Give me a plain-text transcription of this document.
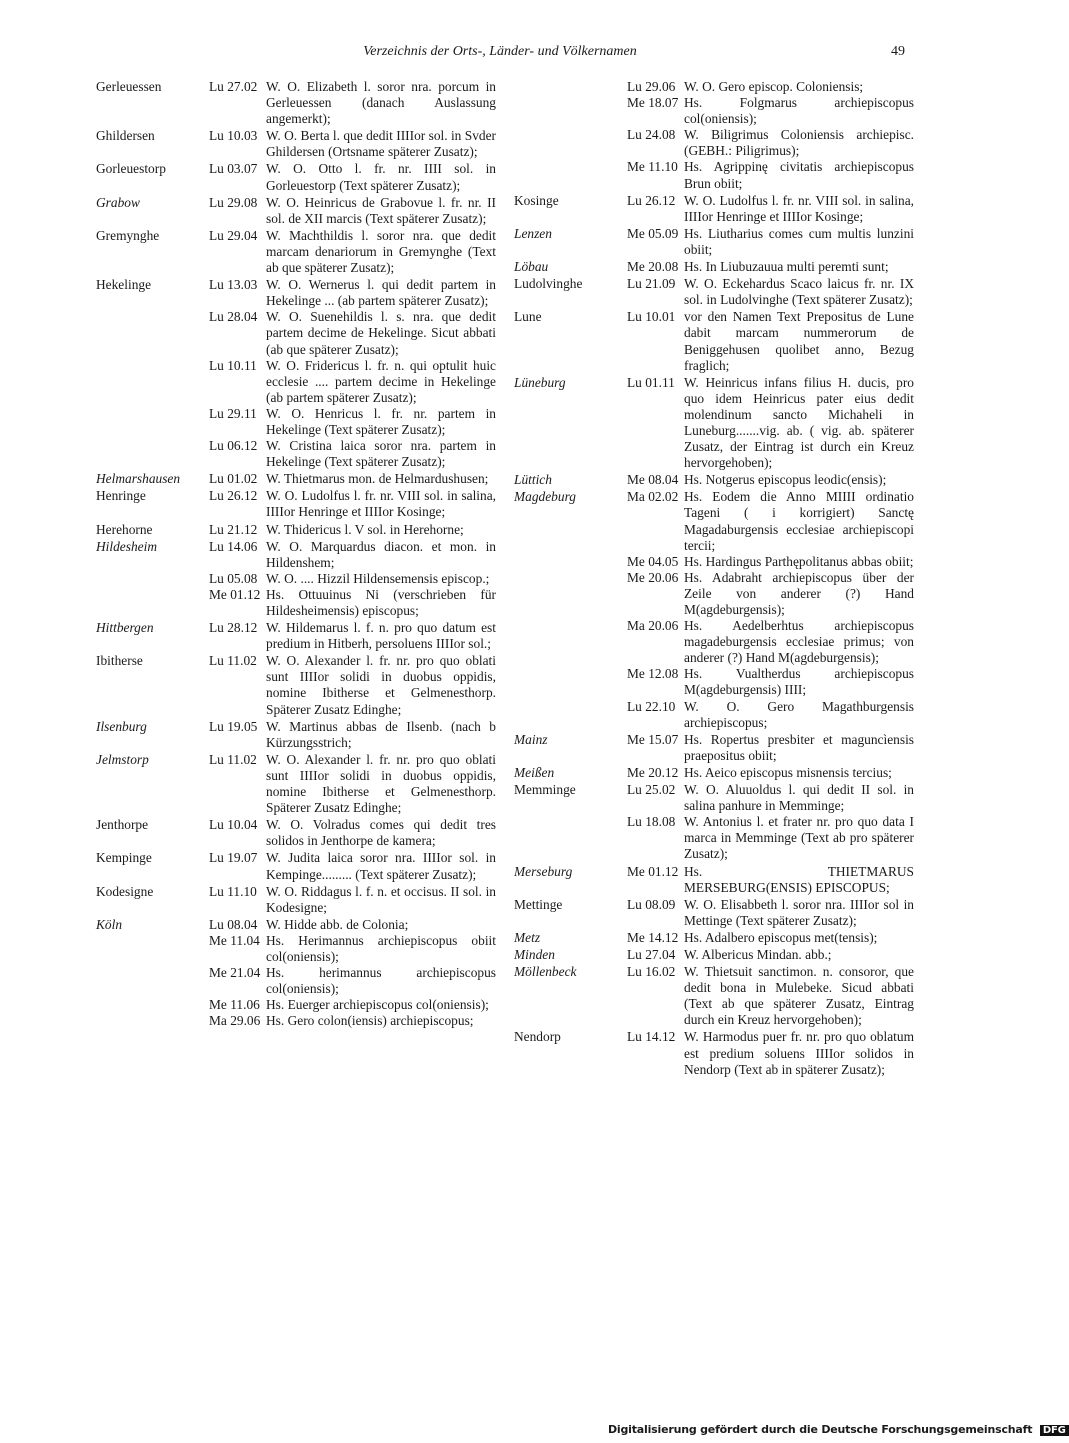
Verzeichnis der Orts-, Länder- und Völkernamen	49
Gerleuessen	Lu 27.02 W. O. Elizabeth l. soror nra. porcum in Gerleuessen (danach Auslassung angemerkt);
Ghildersen	Lu 10.03 W. O. Berta l. que dedit IIIIor sol. in Svder Ghildersen (Ortsname späterer Zusatz);
Gorleuestorp	Lu 03.07 W. O. Otto l. fr. nr. IIII sol. in Gorleuestorp (Text späterer Zusatz);
Grabow	Lu 29.08 W. O. Heinricus de Grabovue l. fr. nr. II sol. de XII marcis (Text späterer Zusatz);
Gremynghe	Lu 29.04 W. Machthildis l. soror nra. que dedit marcam denariorum in Gremynghe (Text ab que späterer Zusatz);
Hekelinge	Lu 13.03 W. O. Wernerus l. qui dedit partem in Hekelinge ... (ab partem späterer Zusatz);
Lu 28.04 W. O. Suenehildis l. s. nra. que dedit partem decime de Hekelinge. Sicut abbati (ab que späterer Zusatz);
Lu 10.11 W. O. Fridericus l. fr. n. qui optulit huic ecclesie .... partem decime in Hekelinge (ab partem späterer Zusatz);
Lu 29.11 W. O. Henricus l. fr. nr. partem in Hekelinge (Text späterer Zusatz);
Lu 06.12 W. Cristina laica soror nra. partem in Hekelinge (Text späterer Zusatz);
Helmarshausen	Lu 01.02 W. Thietmarus mon. de Helmardushusen;
Henringe	Lu 26.12 W. O. Ludolfus l. fr. nr. VIII sol. in salina, IIIIor Henringe et IIIIor Kosinge;
Herehorne	Lu 21.12 W. Thidericus l. V sol. in Herehorne;
Hildesheim	Lu 14.06 W. O. Marquardus diacon. et mon. in Hildenshem;
Lu 05.08 W. O. .... Hizzil Hildensemensis episcop.;
Me 01.12 Hs. Ottuuinus Ni (verschrieben für Hildesheimensis) episcopus;
Hittbergen	Lu 28.12 W. Hildemarus l. f. n. pro quo datum est predium in Hitberh, persoluens IIIIor sol.;
Ibitherse	Lu 11.02 W. O. Alexander l. fr. nr. pro quo oblati sunt IIIIor solidi in duobus oppidis, nomine Ibitherse et Gelmenesthorp. Späterer Zusatz Edinghe;
Ilsenburg	Lu 19.05 W. Martinus abbas de Ilsenb. (nach b Kürzungsstrich;
Jelmstorp	Lu 11.02 W. O. Alexander l. fr. nr. pro quo oblati sunt IIIIor solidi in duobus oppidis, nomine Ibitherse et Gelmenesthorp. Späterer Zusatz Edinghe;
Jenthorpe	Lu 10.04 W. O. Volradus comes qui dedit tres solidos in Jenthorpe de kamera;
Kempinge	Lu 19.07 W. Judita laica soror nra. IIIIor sol. in Kempinge......... (Text späterer Zusatz);
Kodesigne	Lu 11.10 W. O. Riddagus l. f. n. et occisus. II sol. in Kodesigne;
Köln	Lu 08.04 W. Hidde abb. de Colonia;
Me 11.04 Hs. Herimannus archiepiscopus obiit col(oniensis);
Me 21.04 Hs. herimannus archiepiscopus col(oniensis);
Me 11.06 Hs. Euerger archiepiscopus col(oniensis);
Ma 29.06 Hs. Gero colon(iensis) archiepiscopus;
Lu 29.06 W. O. Gero episcop. Coloniensis;
Me 18.07 Hs. Folgmarus archiepiscopus col(oniensis);
Lu 24.08 W. Biligrimus Coloniensis archiepisc. (GEBH.: Piligrimus);
Me 11.10 Hs. Agrippinę civitatis archiepiscopus Brun obiit;
Kosinge	Lu 26.12 W. O. Ludolfus l. fr. nr. VIII sol. in salina, IIIIor Henringe et IIIIor Kosinge;
Lenzen	Me 05.09 Hs. Liutharius comes cum multis lunzini obiit;
Löbau	Me 20.08 Hs. In Liubuzauua multi peremti sunt;
Ludolvinghe	Lu 21.09 W. O. Eckehardus Scaco laicus fr. nr. IX sol. in Ludolvinghe (Text späterer Zusatz);
Lune	Lu 10.01 vor den Namen Text Prepositus de Lune dabit marcam nummerorum de Beniggehusen quolibet anno, Bezug fraglich;
Lüneburg	Lu 01.11 W. Heinricus infans filius H. ducis, pro quo idem Heinricus pater eius dedit molendinum sancto Michaheli in Luneburg.......vig. ab. ( vig. ab. späterer Zusatz, der Eintrag ist durch ein Kreuz hervorgehoben);
Lüttich	Me 08.04 Hs. Notgerus episcopus leodic(ensis);
Magdeburg	Ma 02.02 Hs. Eodem die Anno MIIII ordinatio Tageni ( i korrigiert) Sanctę Magadaburgensis ecclesiae archiepiscopi tercii;
Me 04.05 Hs. Hardingus Parthępolitanus abbas obiit;
Me 20.06 Hs. Adabraht archiepiscopus über der Zeile von anderer (?) Hand M(agdeburgensis);
Ma 20.06 Hs. Aedelberhtus archiepiscopus magadeburgensis ecclesiae primus; von anderer (?) Hand M(agdeburgensis);
Me 12.08 Hs. Vualtherdus archiepiscopus M(agdeburgensis) IIII;
Lu 22.10 W. O. Gero Magathburgensis archiepiscopus;
Mainz	Me 15.07 Hs. Ropertus presbiter et maguncìensis praepositus obiit;
Meißen	Me 20.12 Hs. Aeico episcopus misnensis tercius;
Memminge	Lu 25.02 W. O. Aluuoldus l. qui dedit II sol. in salina panhure in Memminge;
Lu 18.08 W. Antonius l. et frater nr. pro quo data I marca in Memminge (Text ab pro späterer Zusatz);
Merseburg	Me 01.12 Hs. THIETMARUS MERSEBURG(ENSIS) EPISCOPUS;
Mettinge	Lu 08.09 W. O. Elisabbeth l. soror nra. IIIIor sol in Mettinge (Text späterer Zusatz);
Metz	Me 14.12 Hs. Adalbero episcopus met(tensis);
Minden	Lu 27.04 W. Albericus Mindan. abb.;
Möllenbeck	Lu 16.02 W. Thietsuit sanctimon. n. consoror, que dedit bona in Mulebeke. Sicud abbati (Text ab que späterer Zusatz, Eintrag durch ein Kreuz hervorgehoben);
Nendorp	Lu 14.12 W. Harmodus puer fr. nr. pro quo oblatum est predium soluens IIIIor solidos in Nendorp (Text ab in späterer Zusatz);
Digitalisierung gefördert durch die Deutsche Forschungsgemeinschaft DFG
